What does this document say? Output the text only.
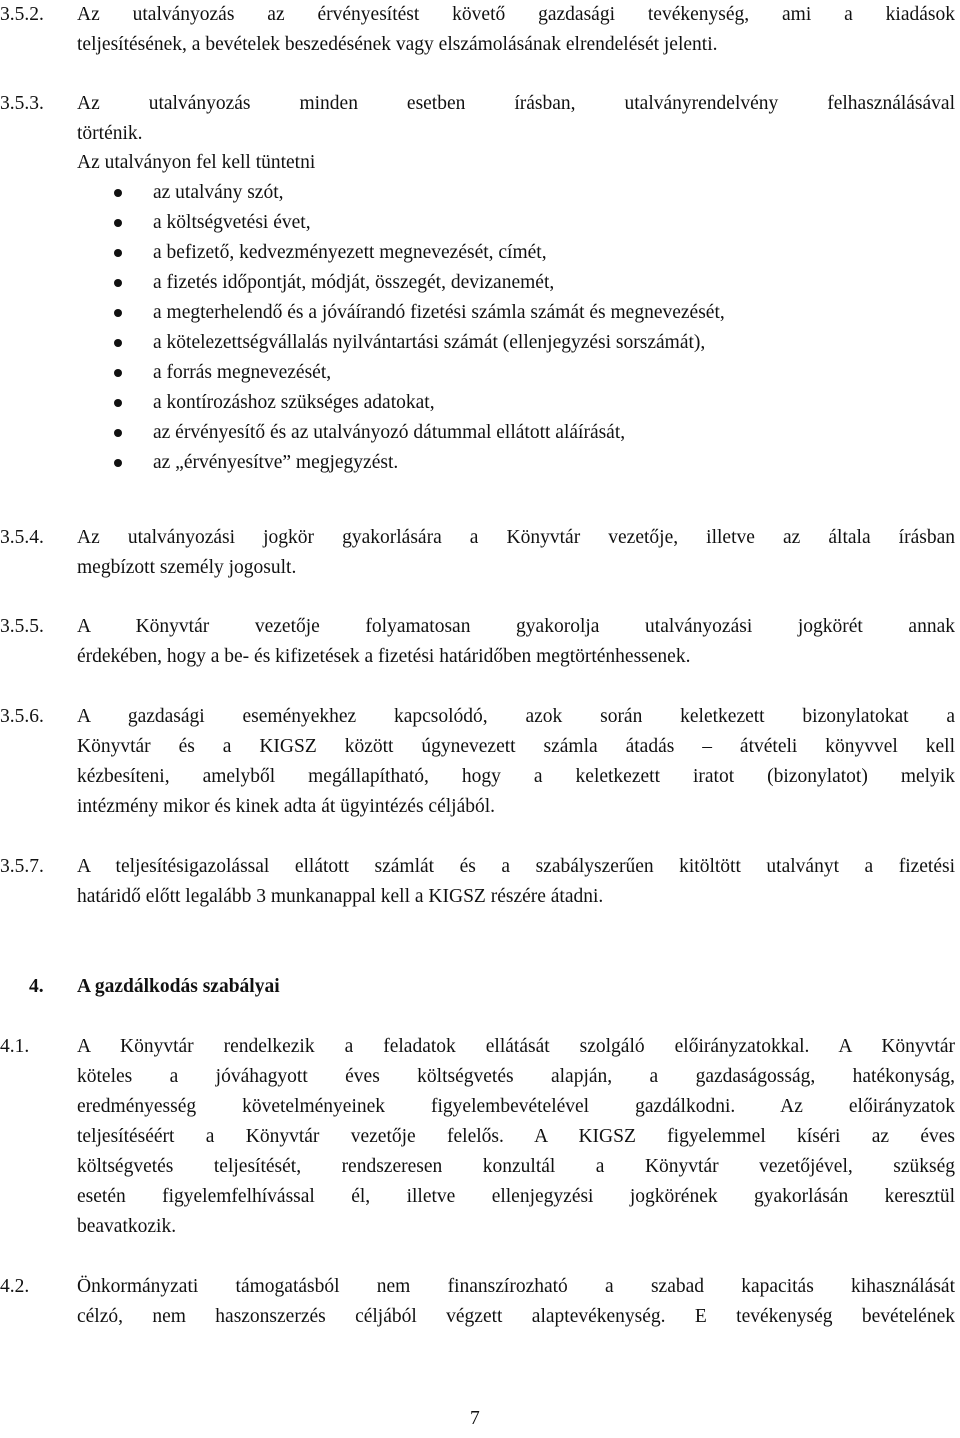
3.5.2. Az utalványozás az érvényesítést követő gazdasági tevékenység, ami a kiadások
teljesítésének, a bevételek beszedésének vagy elszámolásának elrendelését jelenti.
3.5.3. Az utalványozás minden esetben írásban, utalványrendelvény felhasználásával
történik.
Az utalványon fel kell tüntetni
az utalvány szót,
a költségvetési évet,
a befizető, kedvezményezett megnevezését, címét,
a fizetés időpontját, módját, összegét, devizanemét,
a megterhelendő és a jóváírandó fizetési számla számát és megnevezését,
a kötelezettségvállalás nyilvántartási számát (ellenjegyzési sorszámát),
a forrás megnevezését,
a kontírozáshoz szükséges adatokat,
az érvényesítő és az utalványozó dátummal ellátott aláírását,
az „érvényesítve” megjegyzést.
3.5.4. Az utalványozási jogkör gyakorlására a Könyvtár vezetője, illetve az általa írásban
megbízott személy jogosult.
3.5.5. A Könyvtár vezetője folyamatosan gyakorolja utalványozási jogkörét annak
érdekében, hogy a be- és kifizetések a fizetési határidőben megtörténhessenek.
3.5.6. A gazdasági eseményekhez kapcsolódó, azok során keletkezett bizonylatokat a
Könyvtár és a KIGSZ között úgynevezett számla átadás – átvételi könyvvel kell
kézbesíteni, amelyből megállapítható, hogy a keletkezett iratot (bizonylatot) melyik
intézmény mikor és kinek adta át ügyintézés céljából.
3.5.7. A teljesítésigazolással ellátott számlát és a szabályszerűen kitöltött utalványt a fizetési
határidő előtt legalább 3 munkanappal kell a KIGSZ részére átadni.
4. A gazdálkodás szabályai
4.1. A Könyvtár rendelkezik a feladatok ellátását szolgáló előirányzatokkal. A Könyvtár
köteles a jóváhagyott éves költségvetés alapján, a gazdaságosság, hatékonyság,
eredményesség követelményeinek figyelembevételével gazdálkodni. Az előirányzatok
teljesítéséért a Könyvtár vezetője felelős. A KIGSZ figyelemmel kíséri az éves
költségvetés teljesítését, rendszeresen konzultál a Könyvtár vezetőjével, szükség
esetén figyelemfelhívással él, illetve ellenjegyzési jogkörének gyakorlásán keresztül
beavatkozik.
4.2. Önkormányzati támogatásból nem finanszírozható a szabad kapacitás kihasználását
célzó, nem haszonszerzés céljából végzett alaptevékenység. E tevékenység bevételének
7
